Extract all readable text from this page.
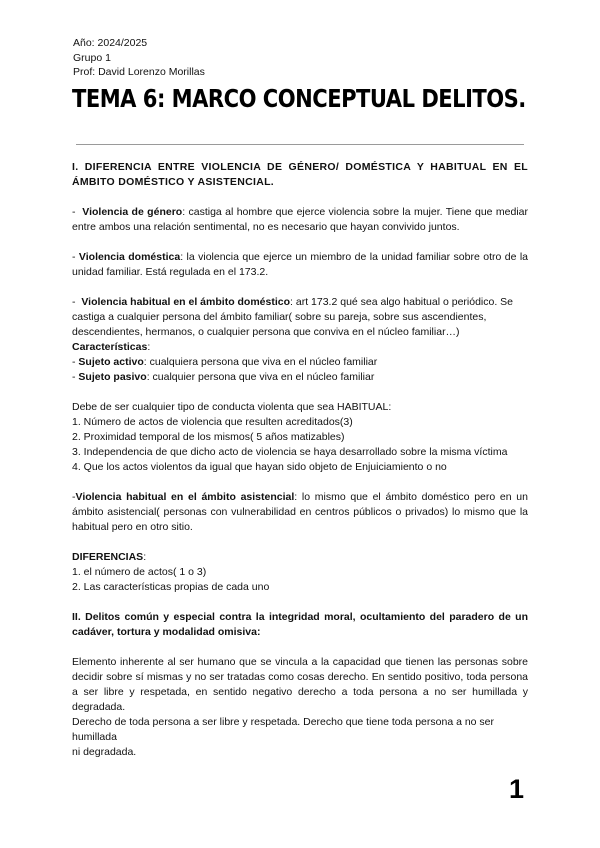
Año: 2024/2025
Grupo 1
Prof: David Lorenzo Morillas
TEMA 6: MARCO CONCEPTUAL DELITOS.

I. DIFERENCIA ENTRE VIOLENCIA DE GÉNERO/ DOMÉSTICA Y HABITUAL EN EL ÁMBITO DOMÉSTICO Y ASISTENCIAL.

-  Violencia de género: castiga al hombre que ejerce violencia sobre la mujer. Tiene que mediar entre ambos una relación sentimental, no es necesario que hayan convivido juntos.

- Violencia doméstica: la violencia que ejerce un miembro de la unidad familiar sobre otro de la unidad familiar. Está regulada en el 173.2.

-  Violencia habitual en el ámbito doméstico: art 173.2 qué sea algo habitual o periódico. Se castiga a cualquier persona del ámbito familiar( sobre su pareja, sobre sus ascendientes, descendientes, hermanos, o cualquier persona que conviva en el núcleo familiar…)

Características:

- Sujeto activo: cualquiera persona que viva en el núcleo familiar

- Sujeto pasivo: cualquier persona que viva en el núcleo familiar

Debe de ser cualquier tipo de conducta violenta que sea HABITUAL:

1. Número de actos de violencia que resulten acreditados(3)

2. Proximidad temporal de los mismos( 5 años matizables)

3. Independencia de que dicho acto de violencia se haya desarrollado sobre la misma víctima

4. Que los actos violentos da igual que hayan sido objeto de Enjuiciamiento o no

-Violencia habitual en el ámbito asistencial: lo mismo que el ámbito doméstico pero en un ámbito asistencial( personas con vulnerabilidad en centros públicos o privados) lo mismo que la habitual pero en otro sitio.

DIFERENCIAS:

1. el número de actos( 1 o 3)

2. Las características propias de cada uno

II. Delitos común y especial contra la integridad moral, ocultamiento del paradero de un cadáver, tortura y modalidad omisiva:

Elemento inherente al ser humano que se vincula a la capacidad que tienen las personas sobre decidir sobre sí mismas y no ser tratadas como cosas derecho. En sentido positivo, toda persona a ser libre y respetada, en sentido negativo derecho a toda persona a no ser humillada y degradada.

Derecho de toda persona a ser libre y respetada. Derecho que tiene toda persona a no ser humillada

ni degradada.

1
